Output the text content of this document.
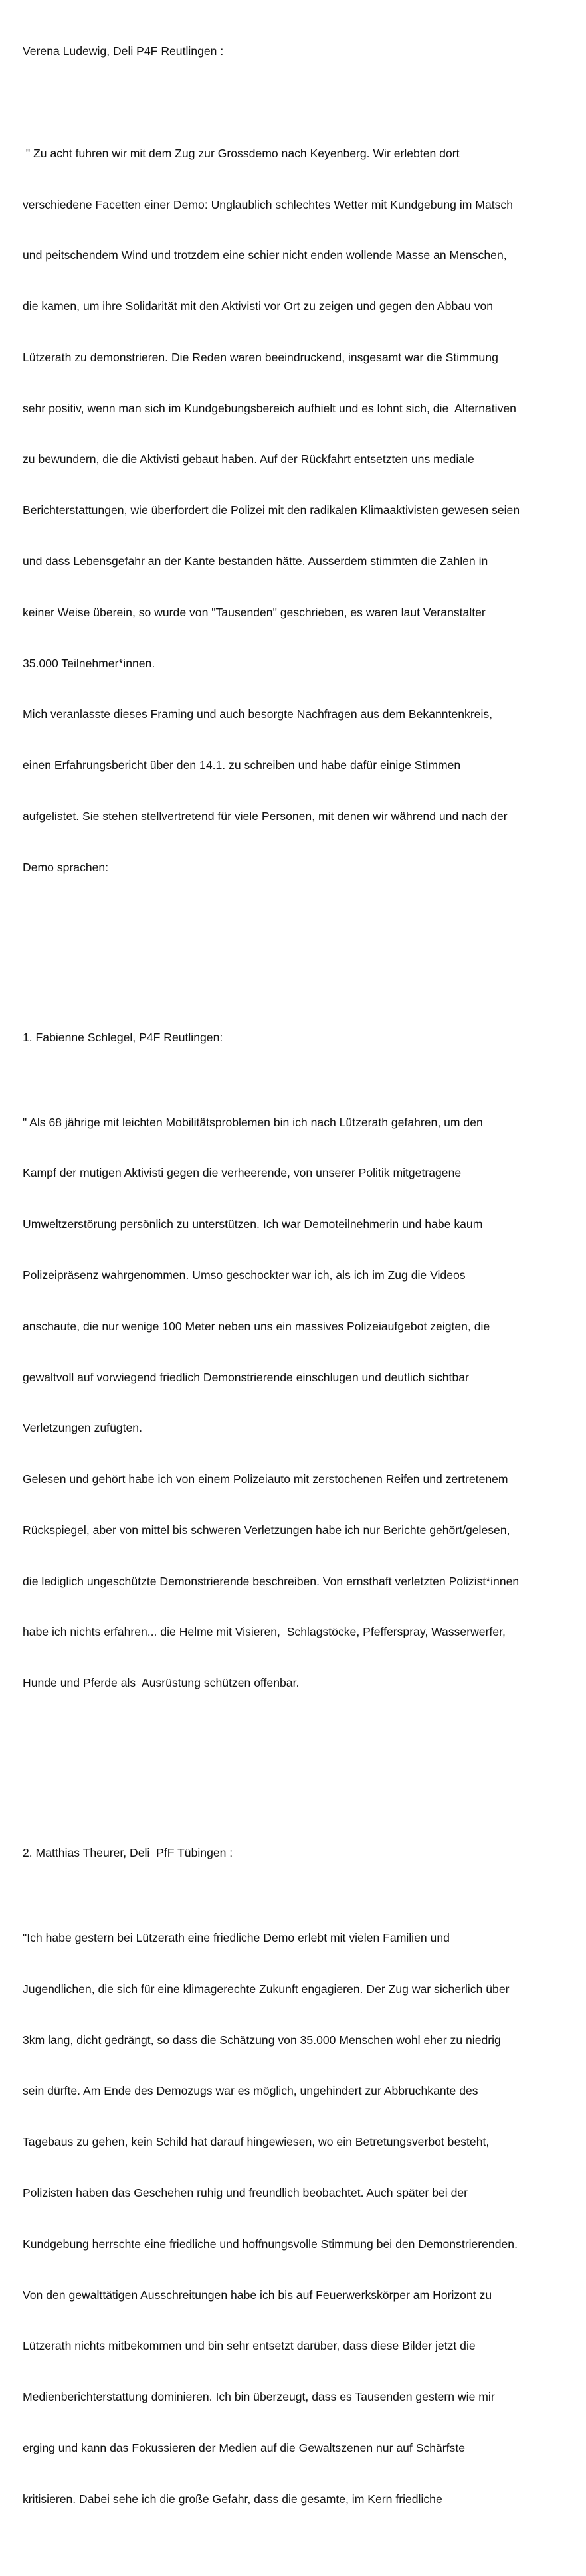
Verena Ludewig, Deli P4F Reutlingen :

" Zu acht fuhren wir mit dem Zug zur Grossdemo nach Keyenberg. Wir erlebten dort

verschiedene Facetten einer Demo: Unglaublich schlechtes Wetter mit Kundgebung im Matsch

und peitschendem Wind und trotzdem eine schier nicht enden wollende Masse an Menschen,

die kamen, um ihre Solidarität mit den Aktivisti vor Ort zu zeigen und gegen den Abbau von

Lützerath zu demonstrieren. Die Reden waren beeindruckend, insgesamt war die Stimmung

sehr positiv, wenn man sich im Kundgebungsbereich aufhielt und es lohnt sich, die  Alternativen

zu bewundern, die die Aktivisti gebaut haben. Auf der Rückfahrt entsetzten uns mediale

Berichterstattungen, wie überfordert die Polizei mit den radikalen Klimaaktivisten gewesen seien

und dass Lebensgefahr an der Kante bestanden hätte. Ausserdem stimmten die Zahlen in

keiner Weise überein, so wurde von "Tausenden" geschrieben, es waren laut Veranstalter

35.000 Teilnehmer*innen.

Mich veranlasste dieses Framing und auch besorgte Nachfragen aus dem Bekanntenkreis,

einen Erfahrungsbericht über den 14.1. zu schreiben und habe dafür einige Stimmen

aufgelistet. Sie stehen stellvertretend für viele Personen, mit denen wir während und nach der

Demo sprachen:

1. Fabienne Schlegel, P4F Reutlingen:

" Als 68 jährige mit leichten Mobilitätsproblemen bin ich nach Lützerath gefahren, um den

Kampf der mutigen Aktivisti gegen die verheerende, von unserer Politik mitgetragene

Umweltzerstörung persönlich zu unterstützen. Ich war Demoteilnehmerin und habe kaum

Polizeipräsenz wahrgenommen. Umso geschockter war ich, als ich im Zug die Videos

anschaute, die nur wenige 100 Meter neben uns ein massives Polizeiaufgebot zeigten, die

gewaltvoll auf vorwiegend friedlich Demonstrierende einschlugen und deutlich sichtbar

Verletzungen zufügten.

Gelesen und gehört habe ich von einem Polizeiauto mit zerstochenen Reifen und zertretenem

Rückspiegel, aber von mittel bis schweren Verletzungen habe ich nur Berichte gehört/gelesen,

die lediglich ungeschützte Demonstrierende beschreiben. Von ernsthaft verletzten Polizist*innen

habe ich nichts erfahren... die Helme mit Visieren,  Schlagstöcke, Pfefferspray, Wasserwerfer,

Hunde und Pferde als  Ausrüstung schützen offenbar.

2. Matthias Theurer, Deli  PfF Tübingen :

"Ich habe gestern bei Lützerath eine friedliche Demo erlebt mit vielen Familien und

Jugendlichen, die sich für eine klimagerechte Zukunft engagieren. Der Zug war sicherlich über

3km lang, dicht gedrängt, so dass die Schätzung von 35.000 Menschen wohl eher zu niedrig

sein dürfte. Am Ende des Demozugs war es möglich, ungehindert zur Abbruchkante des

Tagebaus zu gehen, kein Schild hat darauf hingewiesen, wo ein Betretungsverbot besteht,

Polizisten haben das Geschehen ruhig und freundlich beobachtet. Auch später bei der

Kundgebung herrschte eine friedliche und hoffnungsvolle Stimmung bei den Demonstrierenden.

Von den gewalttätigen Ausschreitungen habe ich bis auf Feuerwerkskörper am Horizont zu

Lützerath nichts mitbekommen und bin sehr entsetzt darüber, dass diese Bilder jetzt die

Medienberichterstattung dominieren. Ich bin überzeugt, dass es Tausenden gestern wie mir

erging und kann das Fokussieren der Medien auf die Gewaltszenen nur auf Schärfste

kritisieren. Dabei sehe ich die große Gefahr, dass die gesamte, im Kern friedliche
